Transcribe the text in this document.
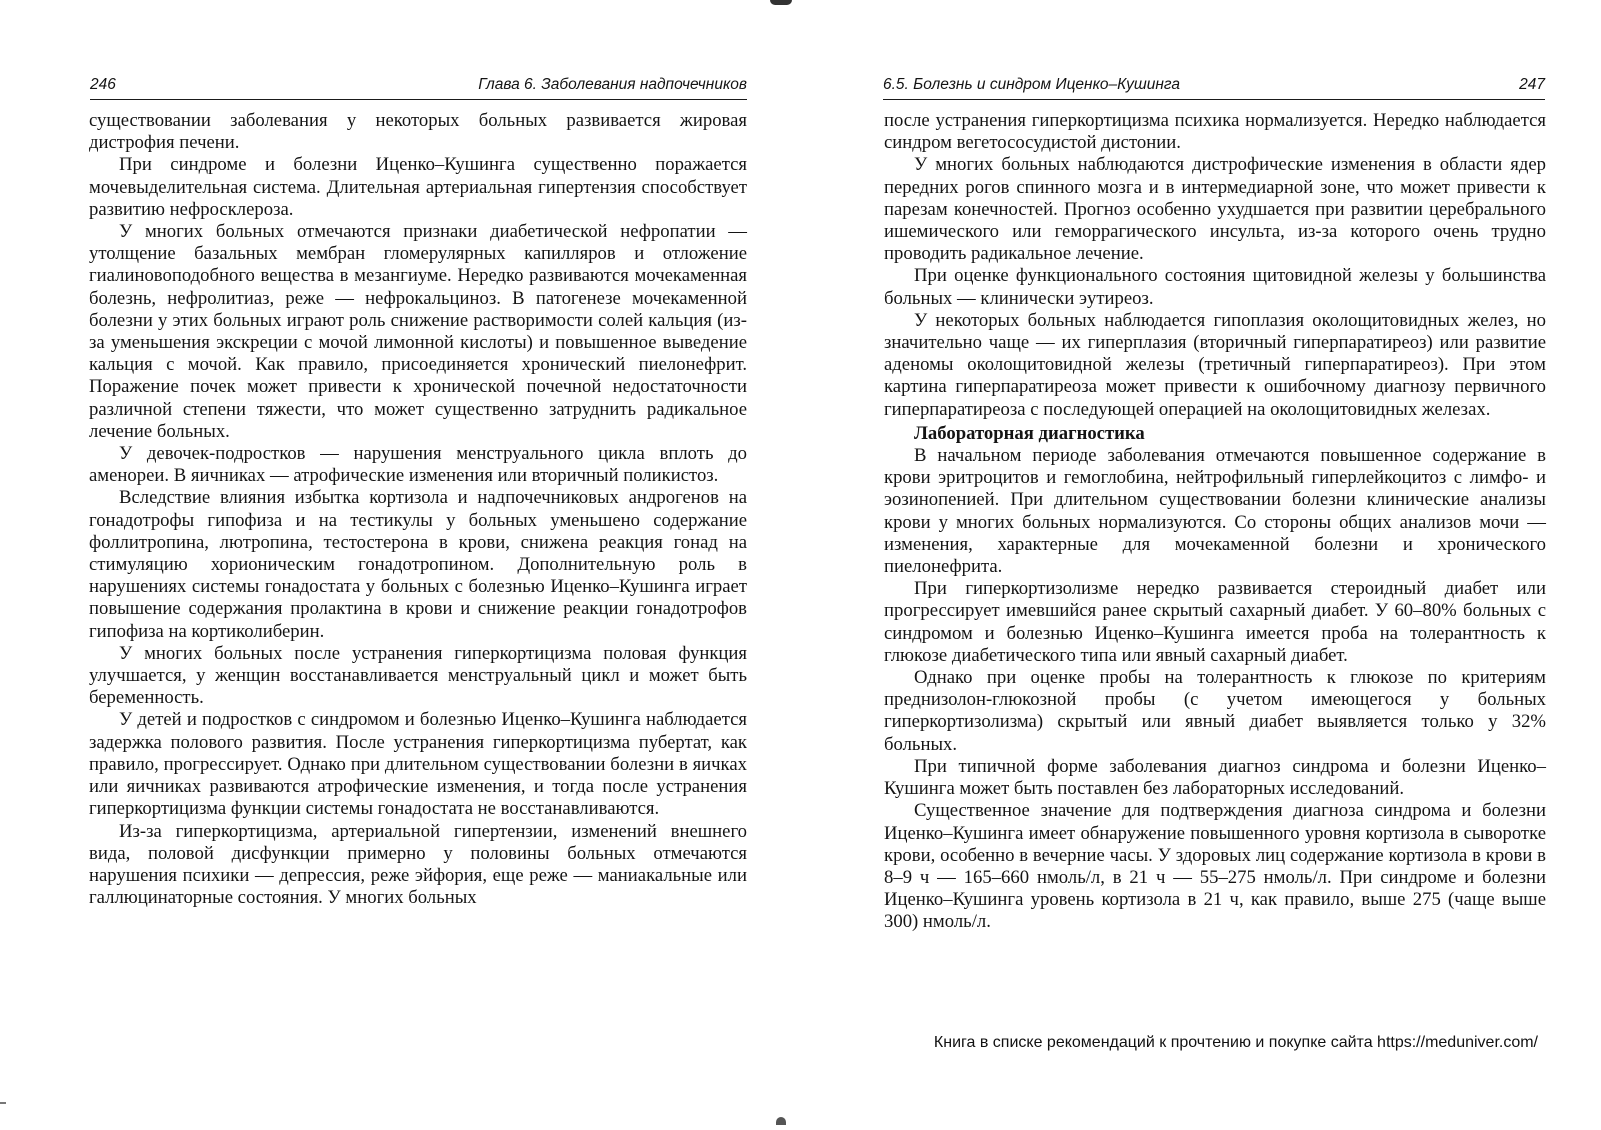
246	Глава 6. Заболевания надпочечников

существовании заболевания у некоторых больных развивается жировая дистрофия печени.

При синдроме и болезни Иценко–Кушинга существенно поражается мочевыделительная система. Длительная артериальная гипертензия способствует развитию нефросклероза.

У многих больных отмечаются признаки диабетической нефропатии — утолщение базальных мембран гломерулярных капилляров и отложение гиалиновоподобного вещества в мезангиуме. Нередко развиваются мочекаменная болезнь, нефролитиаз, реже — нефрокальциноз. В патогенезе мочекаменной болезни у этих больных играют роль снижение растворимости солей кальция (из-за уменьшения экскреции с мочой лимонной кислоты) и повышенное выведение кальция с мочой. Как правило, присоединяется хронический пиелонефрит. Поражение почек может привести к хронической почечной недостаточности различной степени тяжести, что может существенно затруднить радикальное лечение больных.

У девочек-подростков — нарушения менструального цикла вплоть до аменореи. В яичниках — атрофические изменения или вторичный поликистоз.

Вследствие влияния избытка кортизола и надпочечниковых андрогенов на гонадотрофы гипофиза и на тестикулы у больных уменьшено содержание фоллитропина, лютропина, тестостерона в крови, снижена реакция гонад на стимуляцию хорионическим гонадотропином. Дополнительную роль в нарушениях системы гонадостата у больных с болезнью Иценко–Кушинга играет повышение содержания пролактина в крови и снижение реакции гонадотрофов гипофиза на кортиколиберин.

У многих больных после устранения гиперкортицизма половая функция улучшается, у женщин восстанавливается менструальный цикл и может быть беременность.

У детей и подростков с синдромом и болезнью Иценко–Кушинга наблюдается задержка полового развития. После устранения гиперкортицизма пубертат, как правило, прогрессирует. Однако при длительном существовании болезни в яичках или яичниках развиваются атрофические изменения, и тогда после устранения гиперкортицизма функции системы гонадостата не восстанавливаются.

Из-за гиперкортицизма, артериальной гипертензии, изменений внешнего вида, половой дисфункции примерно у половины больных отмечаются нарушения психики — депрессия, реже эйфория, еще реже — маниакальные или галлюцинаторные состояния. У многих больных

6.5. Болезнь и синдром Иценко–Кушинга	247

после устранения гиперкортицизма психика нормализуется. Нередко наблюдается синдром вегетососудистой дистонии.

У многих больных наблюдаются дистрофические изменения в области ядер передних рогов спинного мозга и в интермедиарной зоне, что может привести к парезам конечностей. Прогноз особенно ухудшается при развитии церебрального ишемического или геморрагического инсульта, из-за которого очень трудно проводить радикальное лечение.

При оценке функционального состояния щитовидной железы у большинства больных — клинически эутиреоз.

У некоторых больных наблюдается гипоплазия околощитовидных желез, но значительно чаще — их гиперплазия (вторичный гиперпаратиреоз) или развитие аденомы околощитовидной железы (третичный гиперпаратиреоз). При этом картина гиперпаратиреоза может привести к ошибочному диагнозу первичного гиперпаратиреоза с последующей операцией на околощитовидных железах.

Лабораторная диагностика

В начальном периоде заболевания отмечаются повышенное содержание в крови эритроцитов и гемоглобина, нейтрофильный гиперлейкоцитоз с лимфо- и эозинопенией. При длительном существовании болезни клинические анализы крови у многих больных нормализуются. Со стороны общих анализов мочи — изменения, характерные для мочекаменной болезни и хронического пиелонефрита.

При гиперкортизолизме нередко развивается стероидный диабет или прогрессирует имевшийся ранее скрытый сахарный диабет. У 60–80% больных с синдромом и болезнью Иценко–Кушинга имеется проба на толерантность к глюкозе диабетического типа или явный сахарный диабет.

Однако при оценке пробы на толерантность к глюкозе по критериям преднизолон-глюкозной пробы (с учетом имеющегося у больных гиперкортизолизма) скрытый или явный диабет выявляется только у 32% больных.

При типичной форме заболевания диагноз синдрома и болезни Иценко–Кушинга может быть поставлен без лабораторных исследований.

Существенное значение для подтверждения диагноза синдрома и болезни Иценко–Кушинга имеет обнаружение повышенного уровня кортизола в сыворотке крови, особенно в вечерние часы. У здоровых лиц содержание кортизола в крови в 8–9 ч — 165–660 нмоль/л, в 21 ч — 55–275 нмоль/л. При синдроме и болезни Иценко–Кушинга уровень кортизола в 21 ч, как правило, выше 275 (чаще выше 300) нмоль/л.

Книга в списке рекомендаций к прочтению и покупке сайта https://meduniver.com/
